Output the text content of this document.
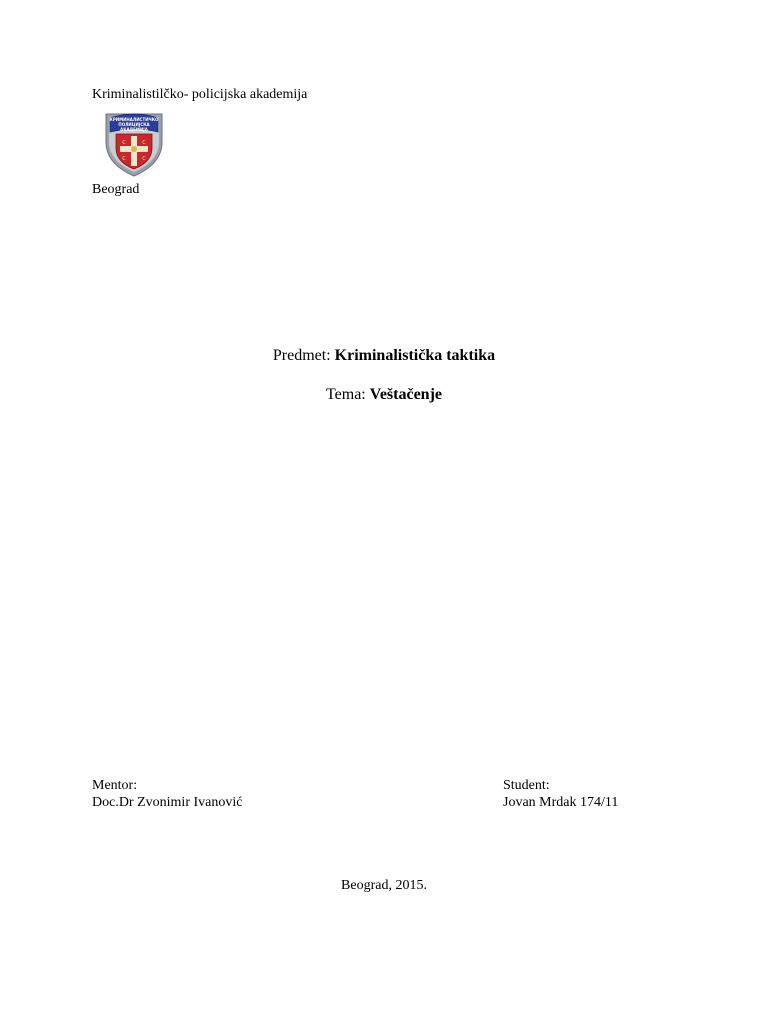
Kriminalistilčko- policijska akademija
КРИМИНАЛИСТИЧКО
ПОЛИЦИЈСКА
АКАДЕМИЈА
С	С
С	С
Beograd
Predmet: Kriminalistička taktika
Tema: Veštačenje
Mentor:
Doc.Dr Zvonimir Ivanović
Student:
Jovan Mrdak 174/11
Beograd, 2015.
